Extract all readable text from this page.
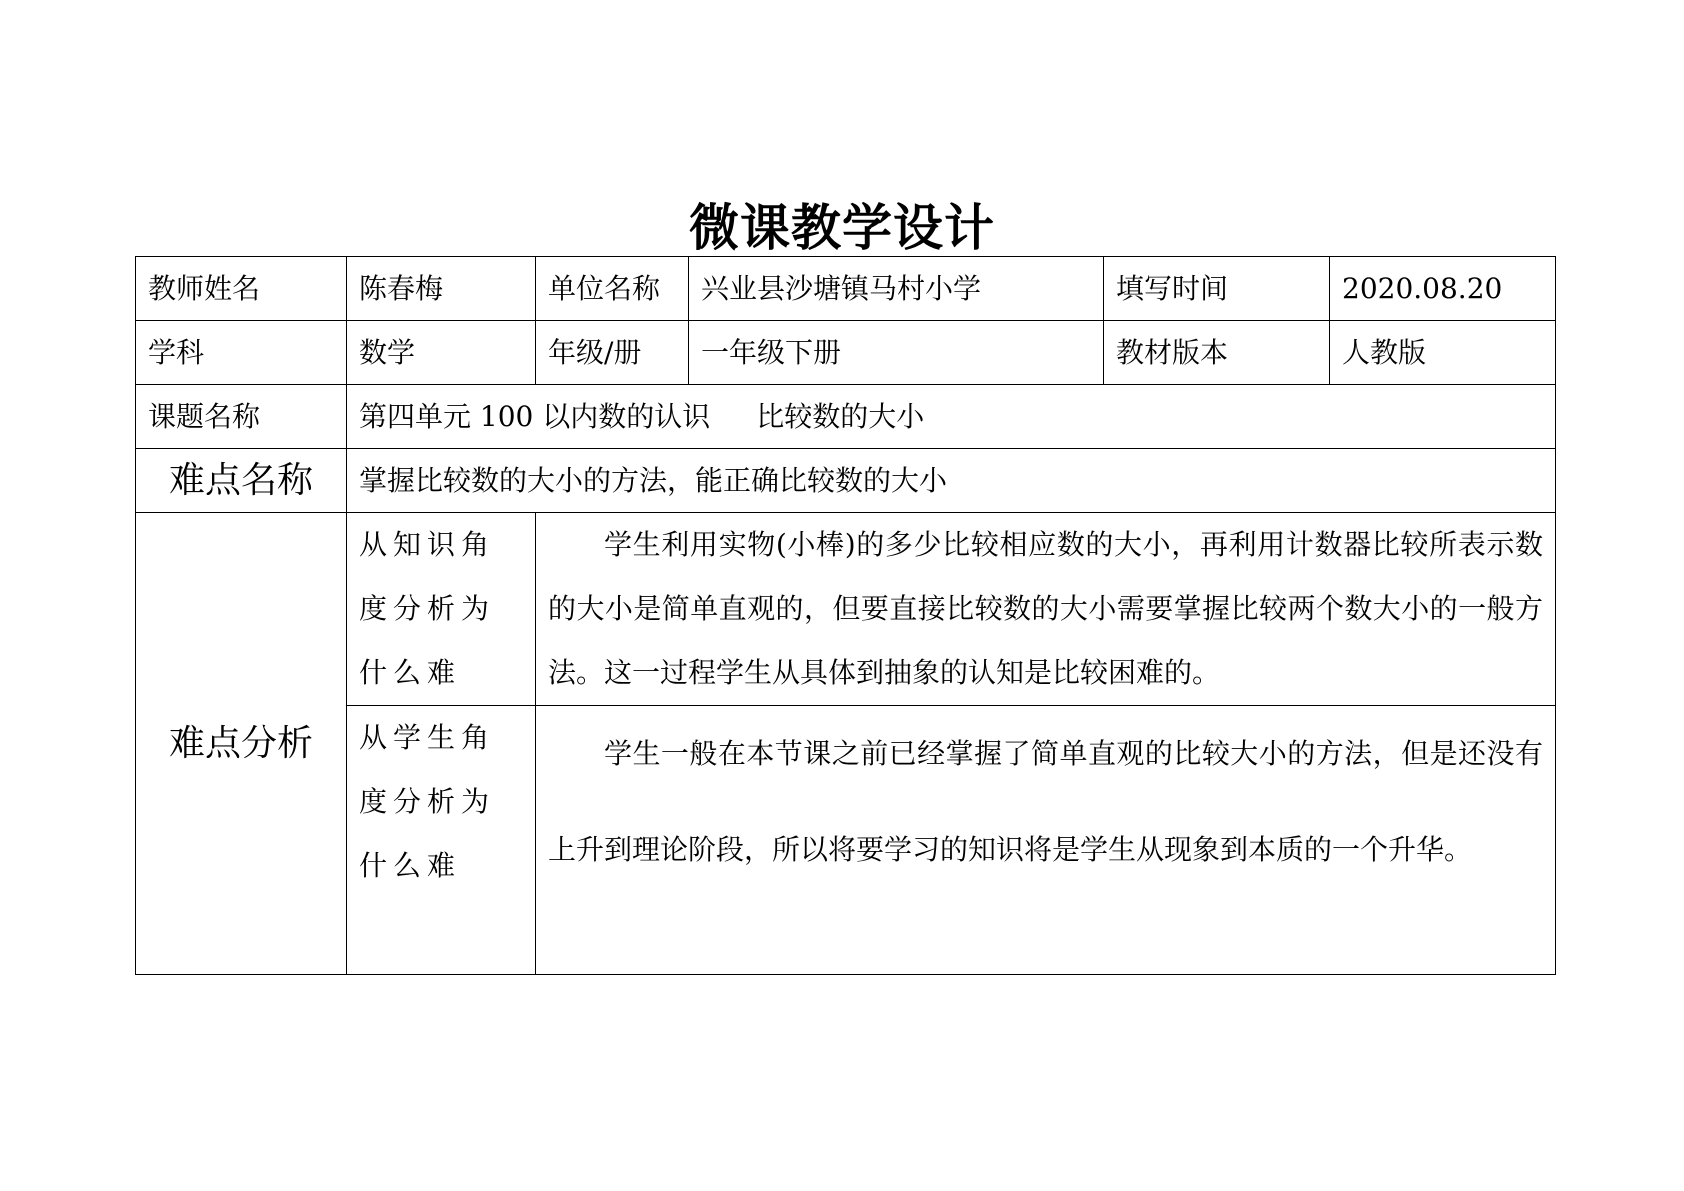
微课教学设计
教师姓名	陈春梅	单位名称	兴业县沙塘镇马村小学	填写时间	2020.08.20
学科	数学	年级/册	一年级下册	教材版本	人教版
课题名称	第四单元 100 以内数的认识 比较数的大小				
难点名称	掌握比较数的大小的方法，能正确比较数的大小				
难点分析	从知识角度分析为什么难	学生利用实物(小棒)的多少比较相应数的大小，再利用计数器比较所表示数的大小是简单直观的，但要直接比较数的大小需要掌握比较两个数大小的一般方法。这一过程学生从具体到抽象的认知是比较困难的。			
	从学生角度分析为什么难	学生一般在本节课之前已经掌握了简单直观的比较大小的方法，但是还没有上升到理论阶段，所以将要学习的知识将是学生从现象到本质的一个升华。			
